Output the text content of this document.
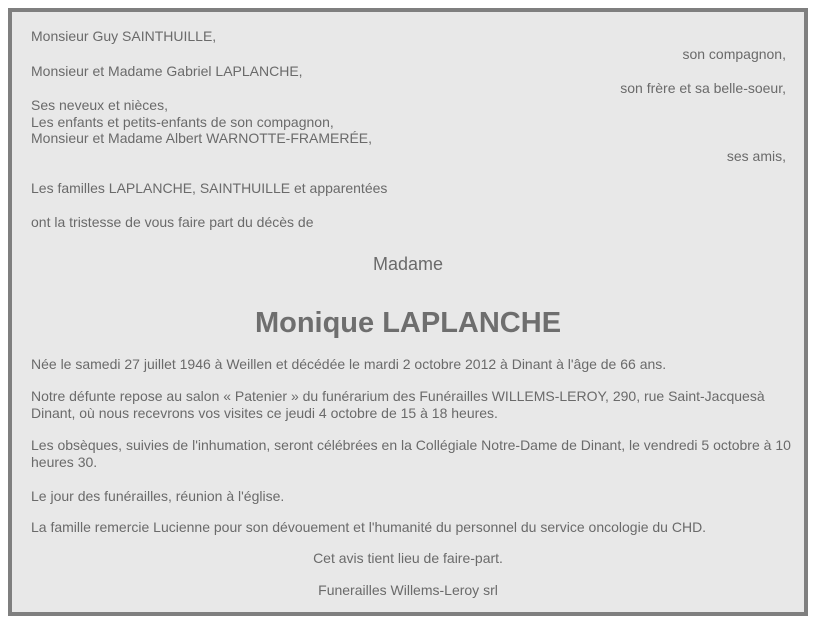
Monsieur Guy SAINTHUILLE,
son compagnon,
Monsieur et Madame Gabriel LAPLANCHE,
son frère et sa belle-soeur,
Ses neveux et nièces,
Les enfants et petits-enfants de son compagnon,
Monsieur et Madame Albert WARNOTTE-FRAMERÉE,
ses amis,
Les familles LAPLANCHE, SAINTHUILLE et apparentées
ont la tristesse de vous faire part du décès de
Madame
Monique LAPLANCHE
Née le samedi 27 juillet 1946 à Weillen et décédée le mardi 2 octobre 2012 à Dinant à l'âge de 66 ans.
Notre défunte repose au salon « Patenier » du funérarium des Funérailles WILLEMS-LEROY, 290, rue Saint-Jacquesà Dinant, où nous recevrons vos visites ce jeudi 4 octobre de 15 à 18 heures.
Les obsèques, suivies de l'inhumation, seront célébrées en la Collégiale Notre-Dame de Dinant, le vendredi 5 octobre à 10 heures 30.
Le jour des funérailles, réunion à l'église.
La famille remercie Lucienne pour son dévouement et l'humanité du personnel du service oncologie du CHD.
Cet avis tient lieu de faire-part.
Funerailles Willems-Leroy srl
